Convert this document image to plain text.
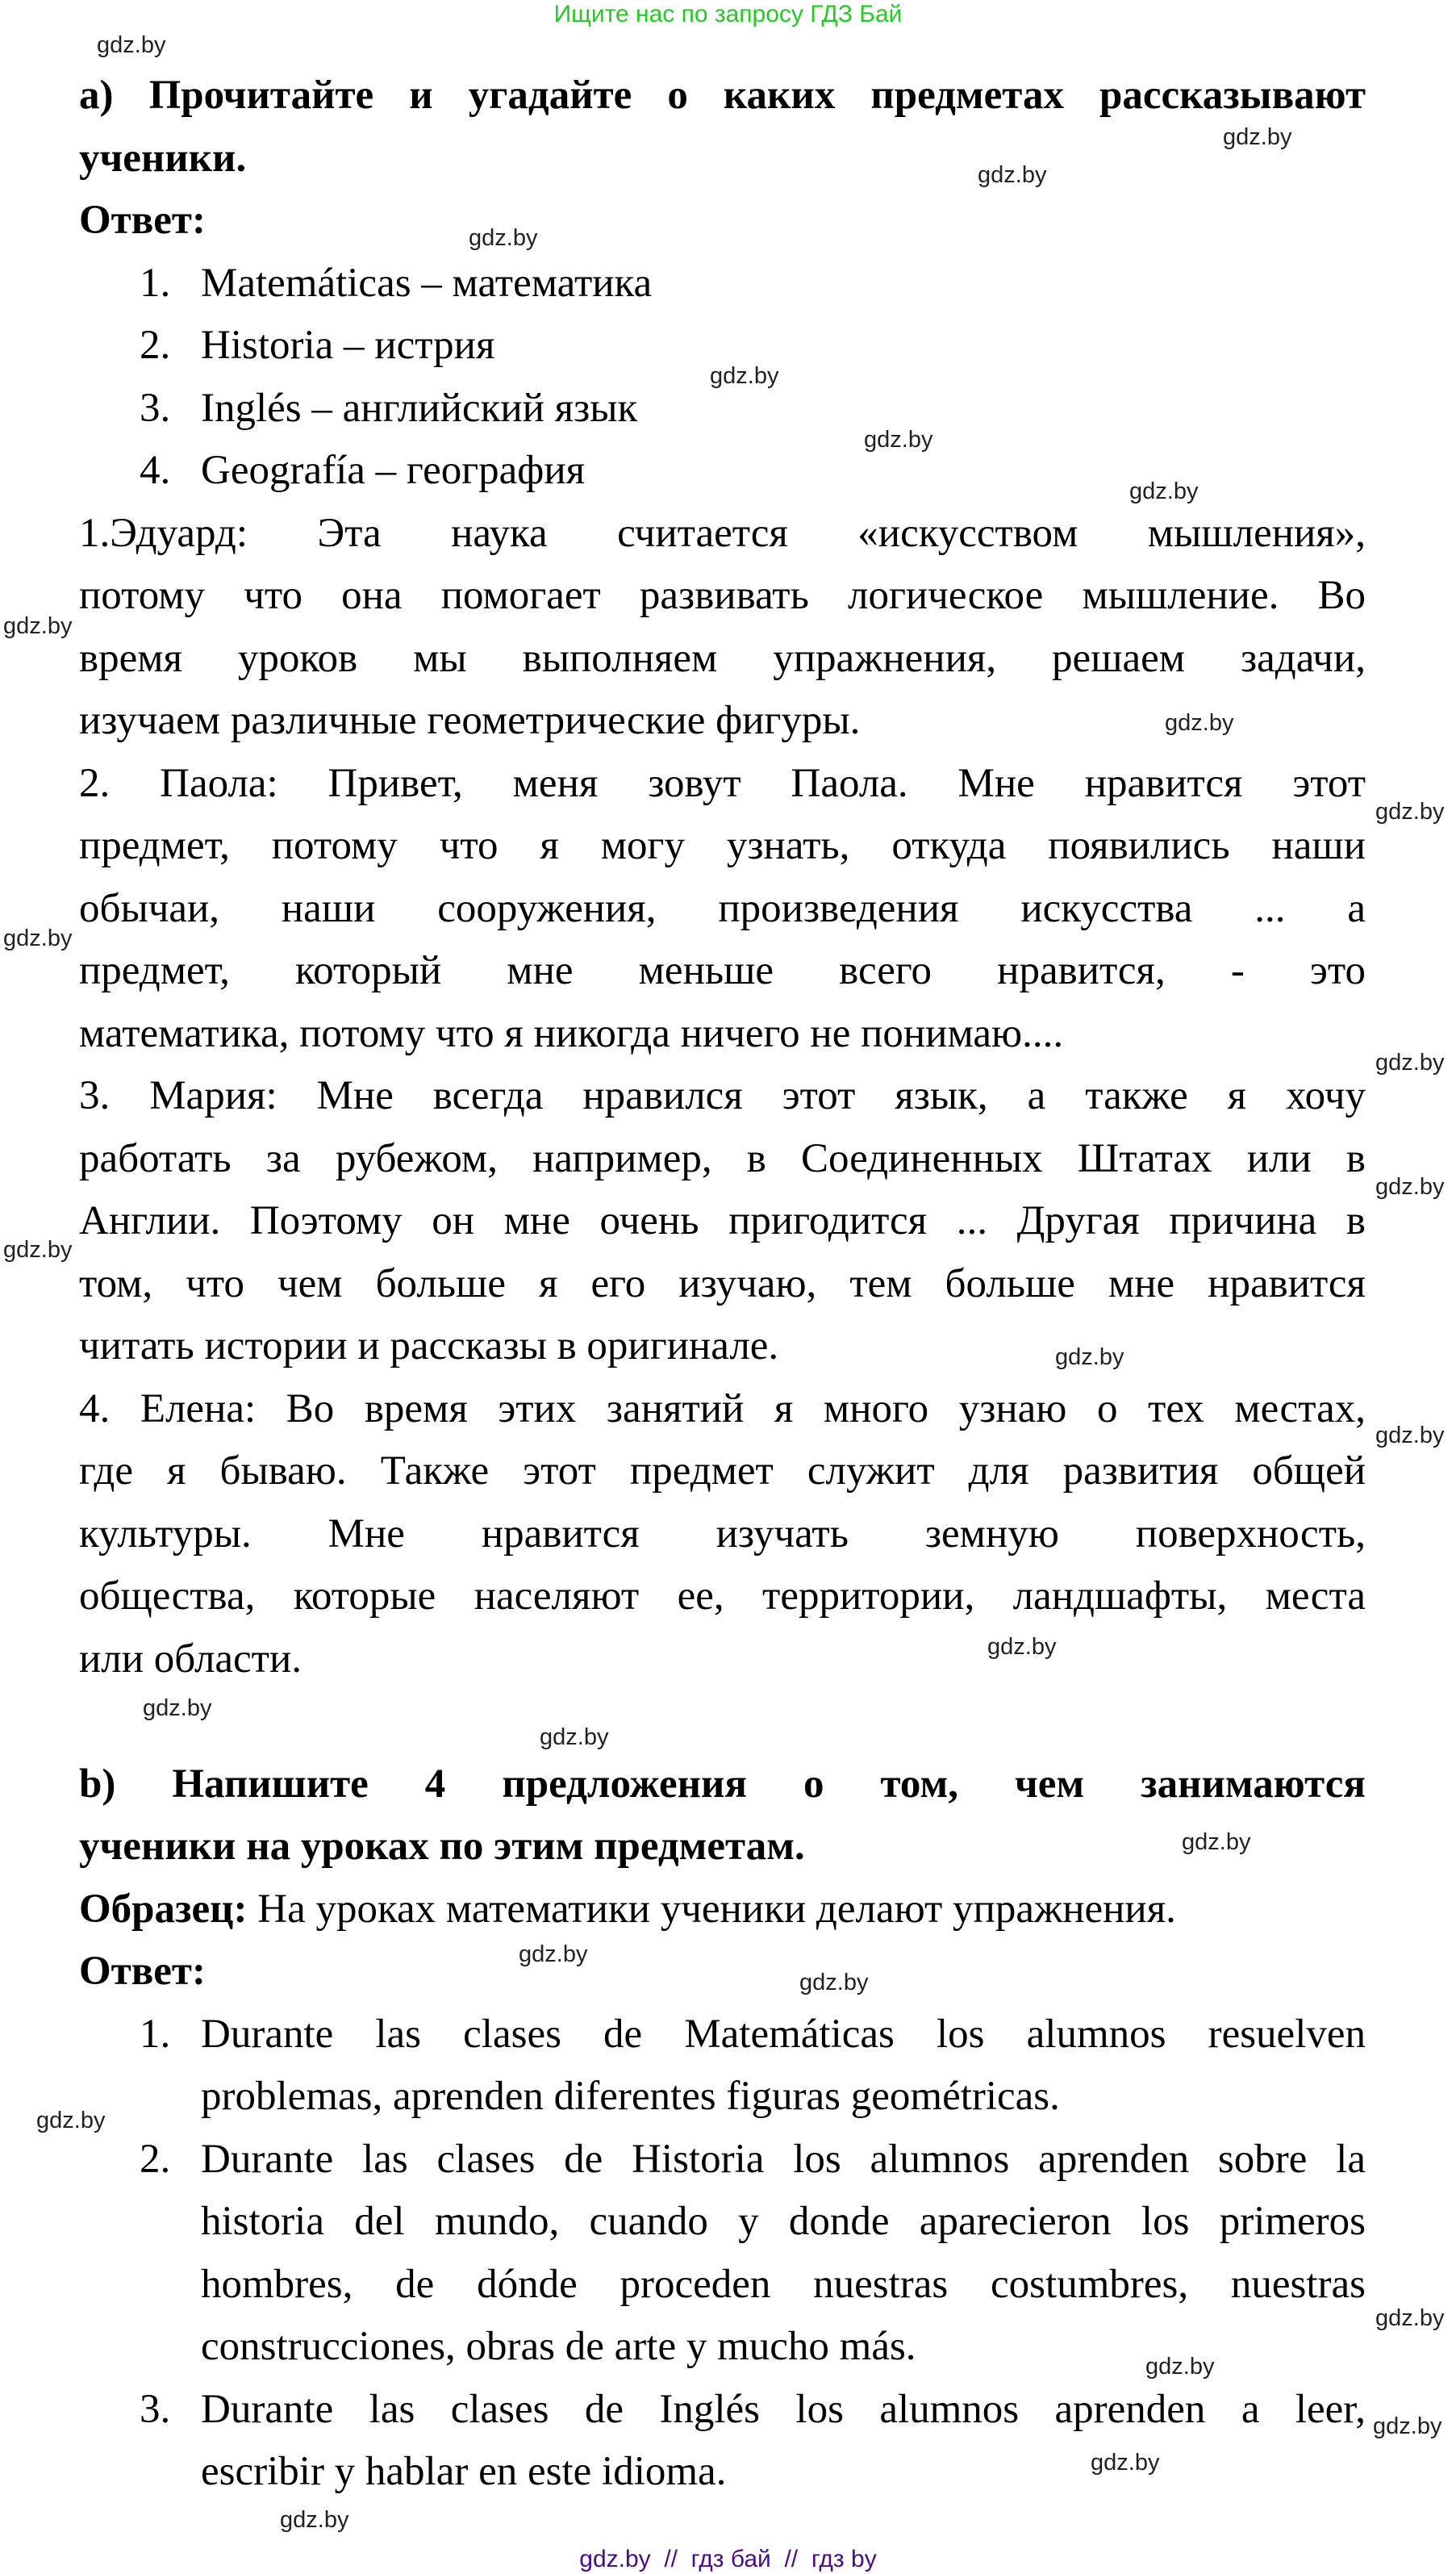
Ищите нас по запросу ГДЗ Бай
а) Прочитайте и угадайте о каких предметах рассказывают
ученики.
Ответ:
1. Matemáticas – математика
2. Historia – истрия
3. Inglés – английский язык
4. Geografía – география
1.Эдуард: Эта наука считается «искусством мышления»,
потому что она помогает развивать логическое мышление. Во
время уроков мы выполняем упражнения, решаем задачи,
изучаем различные геометрические фигуры.
2. Паола: Привет, меня зовут Паола. Мне нравится этот
предмет, потому что я могу узнать, откуда появились наши
обычаи, наши сооружения, произведения искусства ... а
предмет, который мне меньше всего нравится, - это
математика, потому что я никогда ничего не понимаю....
3. Мария: Мне всегда нравился этот язык, а также я хочу
работать за рубежом, например, в Соединенных Штатах или в
Англии. Поэтому он мне очень пригодится ... Другая причина в
том, что чем больше я его изучаю, тем больше мне нравится
читать истории и рассказы в оригинале.
4. Елена: Во время этих занятий я много узнаю о тех местах,
где я бываю. Также этот предмет служит для развития общей
культуры. Мне нравится изучать земную поверхность,
общества, которые населяют ее, территории, ландшафты, места
или области.
b) Напишите 4 предложения о том, чем занимаются
ученики на уроках по этим предметам.
Образец: На уроках математики ученики делают упражнения.
Ответ:
1. Durante las clases de Matemáticas los alumnos resuelven
problemas, aprenden diferentes figuras geométricas.
2. Durante las clases de Historia los alumnos aprenden sobre la
historia del mundo, cuando y donde aparecieron los primeros
hombres, de dónde proceden nuestras costumbres, nuestras
construcciones, obras de arte y mucho más.
3. Durante las clases de Inglés los alumnos aprenden a leer,
escribir y hablar en este idioma.
gdz.by
gdz.by
gdz.by
gdz.by
gdz.by
gdz.by
gdz.by
gdz.by
gdz.by
gdz.by
gdz.by
gdz.by
gdz.by
gdz.by
gdz.by
gdz.by
gdz.by
gdz.by
gdz.by
gdz.by
gdz.by
gdz.by
gdz.by
gdz.by
gdz.by
gdz.by
gdz.by
gdz.by
gdz.by  //  гдз бай  //  гдз by
